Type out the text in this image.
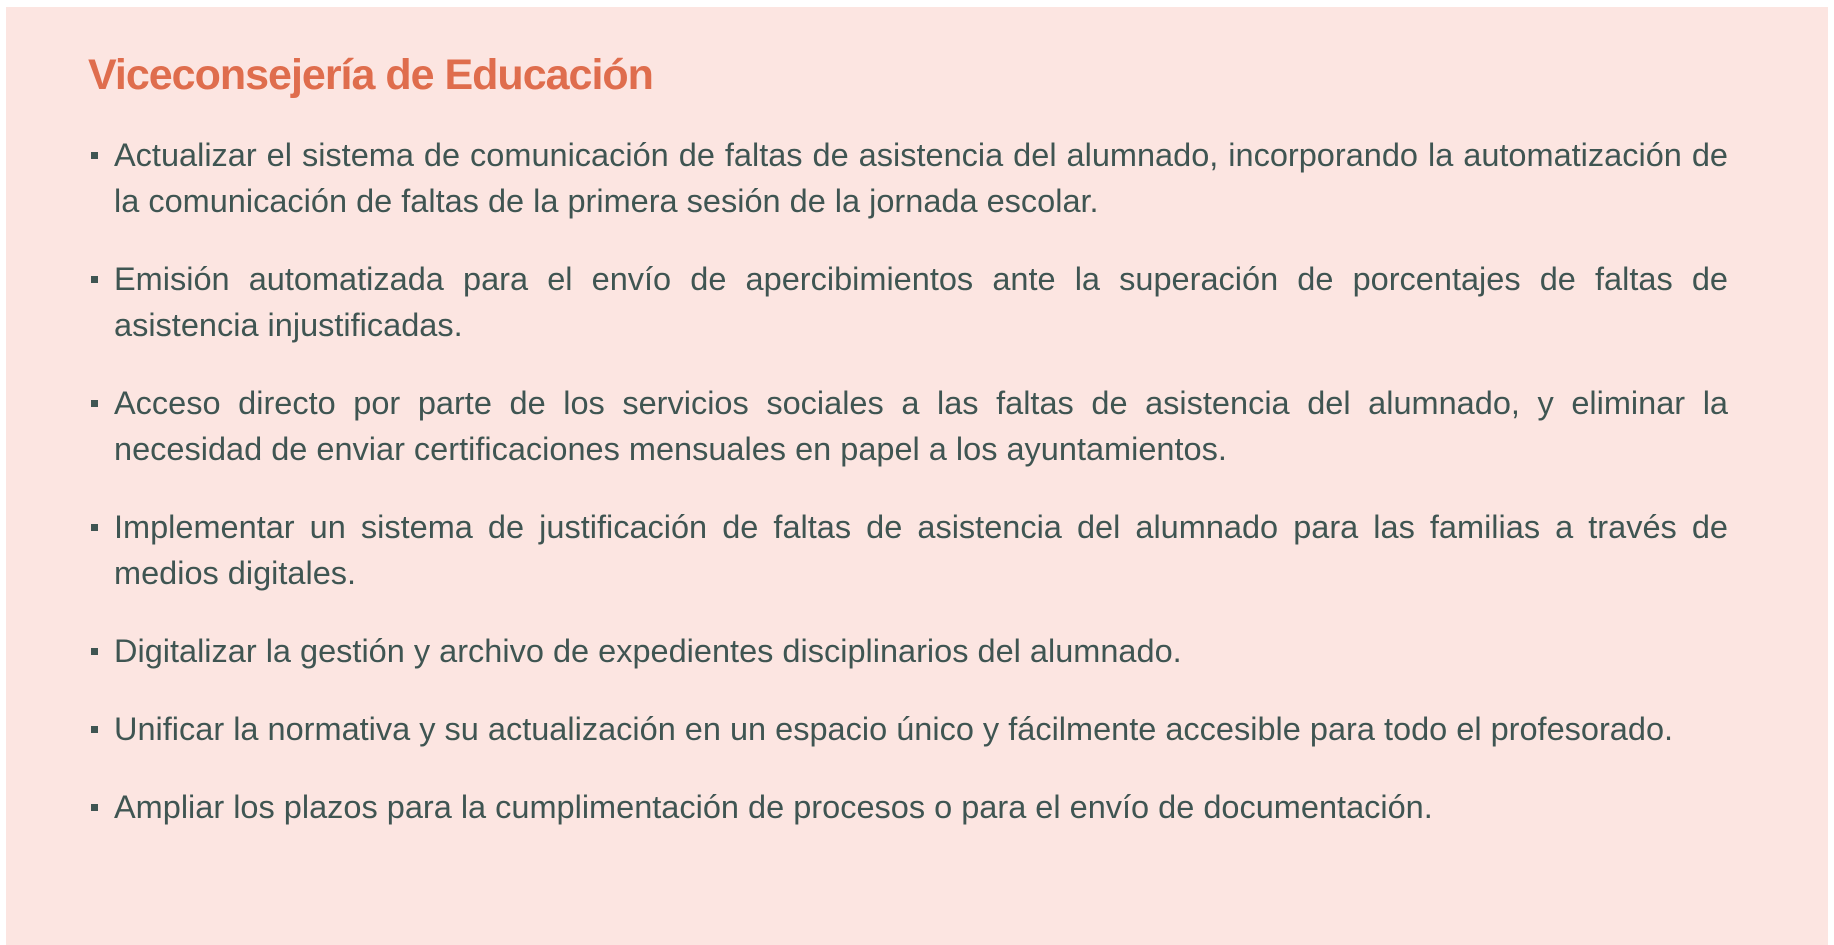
Viceconsejería de Educación
Actualizar el sistema de comunicación de faltas de asistencia del alumnado, incorporando la automatización de la comunicación de faltas de la primera sesión de la jornada escolar.
Emisión automatizada para el envío de apercibimientos ante la superación de porcentajes de faltas de asistencia injustificadas.
Acceso directo por parte de los servicios sociales a las faltas de asistencia del alumnado, y eliminar la necesidad de enviar certificaciones mensuales en papel a los ayuntamientos.
Implementar un sistema de justificación de faltas de asistencia del alumnado para las familias a través de medios digitales.
Digitalizar la gestión y archivo de expedientes disciplinarios del alumnado.
Unificar la normativa y su actualización en un espacio único y fácilmente accesible para todo el profesorado.
Ampliar los plazos para la cumplimentación de procesos o para el envío de documentación.
